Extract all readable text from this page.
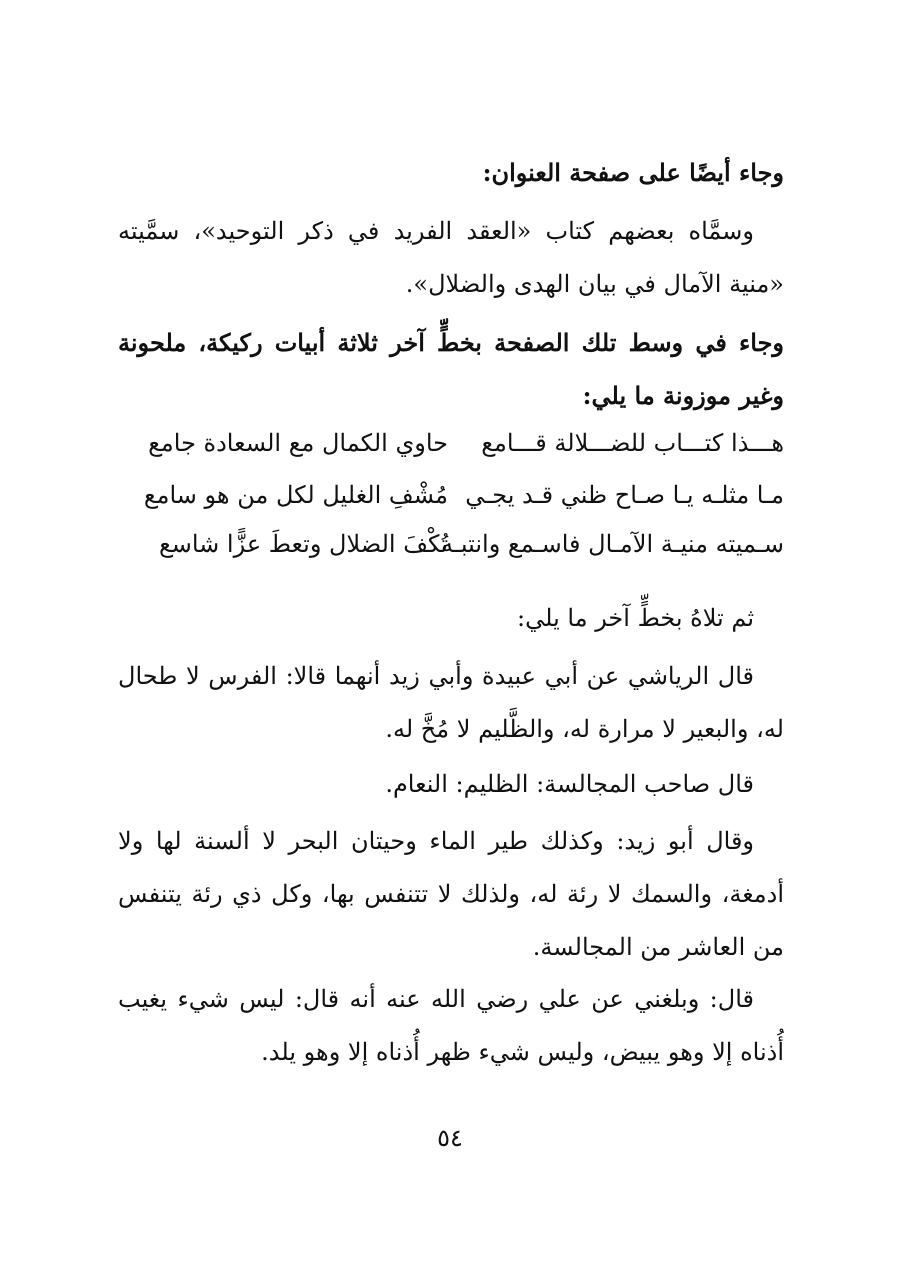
وجاء أيضًا على صفحة العنوان:

وسمَّاه بعضهم كتاب «العقد الفريد في ذكر التوحيد»، سمَّيته «منية الآمال في بيان الهدى والضلال».

وجاء في وسط تلك الصفحة بخطٍّ آخر ثلاثة أبيات ركيكة، ملحونة وغير موزونة ما يلي:

هـــذا كتـــاب للضـــلالة قـــامع
حاوي الكمال مع السعادة جامع
مـا مثلـه يـا صـاح ظني قـد يجـي
مُشْفِ الغليل لكل من هو سامع
سـميته منيـة الآمـال فاسـمع وانتبـه
تُكْفَ الضلال وتعطَ عزًّا شاسع

ثم تلاهُ بخطٍّ آخر ما يلي:

قال الرياشي عن أبي عبيدة وأبي زيد أنهما قالا: الفرس لا طحال له، والبعير لا مرارة له، والظَّليم لا مُخَّ له.

قال صاحب المجالسة: الظليم: النعام.

وقال أبو زيد: وكذلك طير الماء وحيتان البحر لا ألسنة لها ولا أدمغة، والسمك لا رئة له، ولذلك لا تتنفس بها، وكل ذي رئة يتنفس من العاشر من المجالسة.

قال: وبلغني عن علي رضي الله عنه أنه قال: ليس شيء يغيب أُذناه إلا وهو يبيض، وليس شيء ظهر أُذناه إلا وهو يلد.

٥٤
